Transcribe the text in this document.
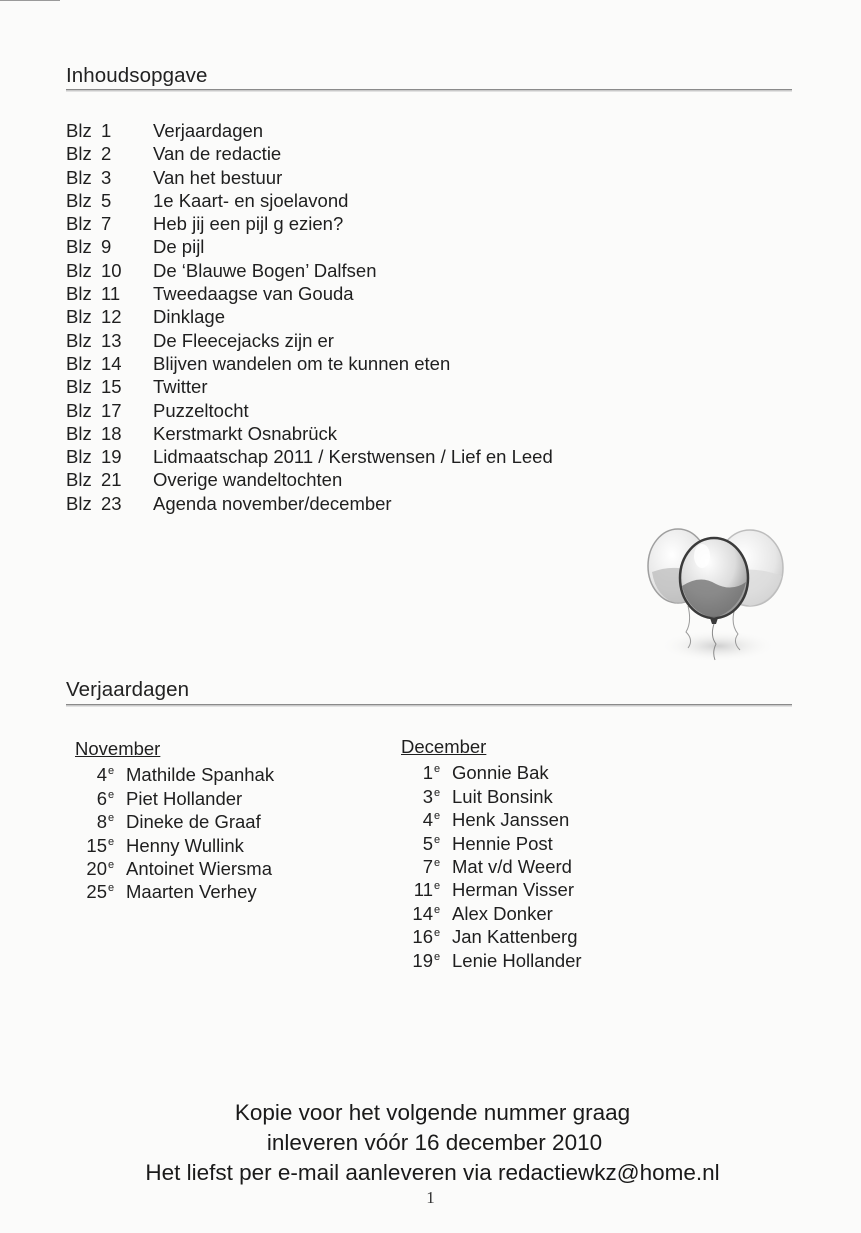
Inhoudsopgave
Blz 1 Verjaardagen
Blz 2 Van de redactie
Blz 3 Van het bestuur
Blz 5 1e Kaart- en sjoelavond
Blz 7 Heb jij een pijl g ezien?
Blz 9 De pijl
Blz 10 De ‘Blauwe Bogen’ Dalfsen
Blz 11 Tweedaagse van Gouda
Blz 12 Dinklage
Blz 13 De Fleecejacks zijn er
Blz 14 Blijven wandelen om te kunnen eten
Blz 15 Twitter
Blz 17 Puzzeltocht
Blz 18 Kerstmarkt Osnabrück
Blz 19 Lidmaatschap 2011 / Kerstwensen / Lief en Leed
Blz 21 Overige wandeltochten
Blz 23 Agenda november/december
Verjaardagen
November
4e Mathilde Spanhak
6e Piet Hollander
8e Dineke de Graaf
15e Henny Wullink
20e Antoinet Wiersma
25e Maarten Verhey
December
1e Gonnie Bak
3e Luit Bonsink
4e Henk Janssen
5e Hennie Post
7e Mat v/d Weerd
11e Herman Visser
14e Alex Donker
16e Jan Kattenberg
19e Lenie Hollander
Kopie voor het volgende nummer graag
inleveren vóór 16 december 2010
Het liefst per e-mail aanleveren via redactiewkz@home.nl
1
